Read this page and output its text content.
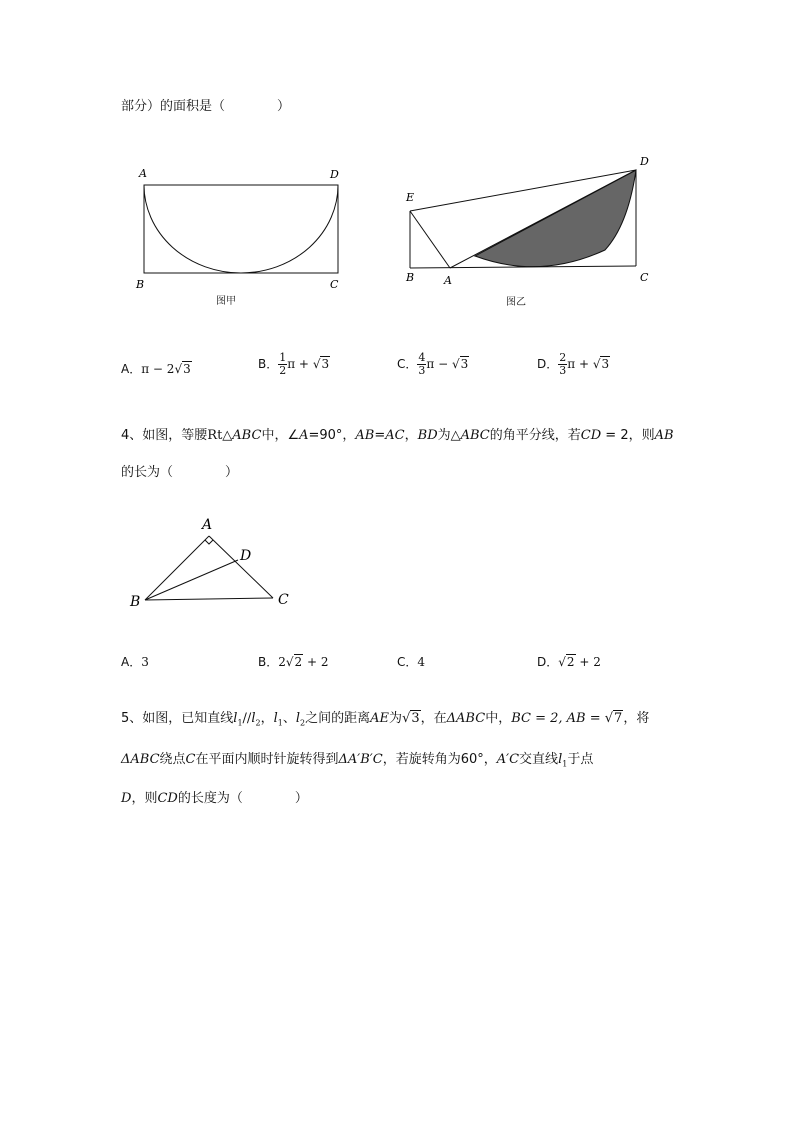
部分）的面积是（　　　　）
A	D
B	C
图甲
E
D
B	A	C
图乙
A．π − 2√3	B． $\frac{1}{2}$ π + √3	C． $\frac{4}{3}$ π − √3	D． $\frac{2}{3}$ π + √3
4、如图，等腰Rt△ABC中，∠A=90°，AB=AC，BD为△ABC的角平分线，若CD = 2，则AB
的长为（　　　　）
A
D
B	C
A．3	B．2√2 + 2	C．4	D．√2 + 2
5、如图，已知直线$l_1//l_2$，$l_1$、$l_2$之间的距离AE为√3，在ΔABC中，BC = 2, AB = √7，将
ΔABC绕点C在平面内顺时针旋转得到ΔA′B′C，若旋转角为60°，A′C交直线$l_1$于点
D，则CD的长度为（　　　　）
